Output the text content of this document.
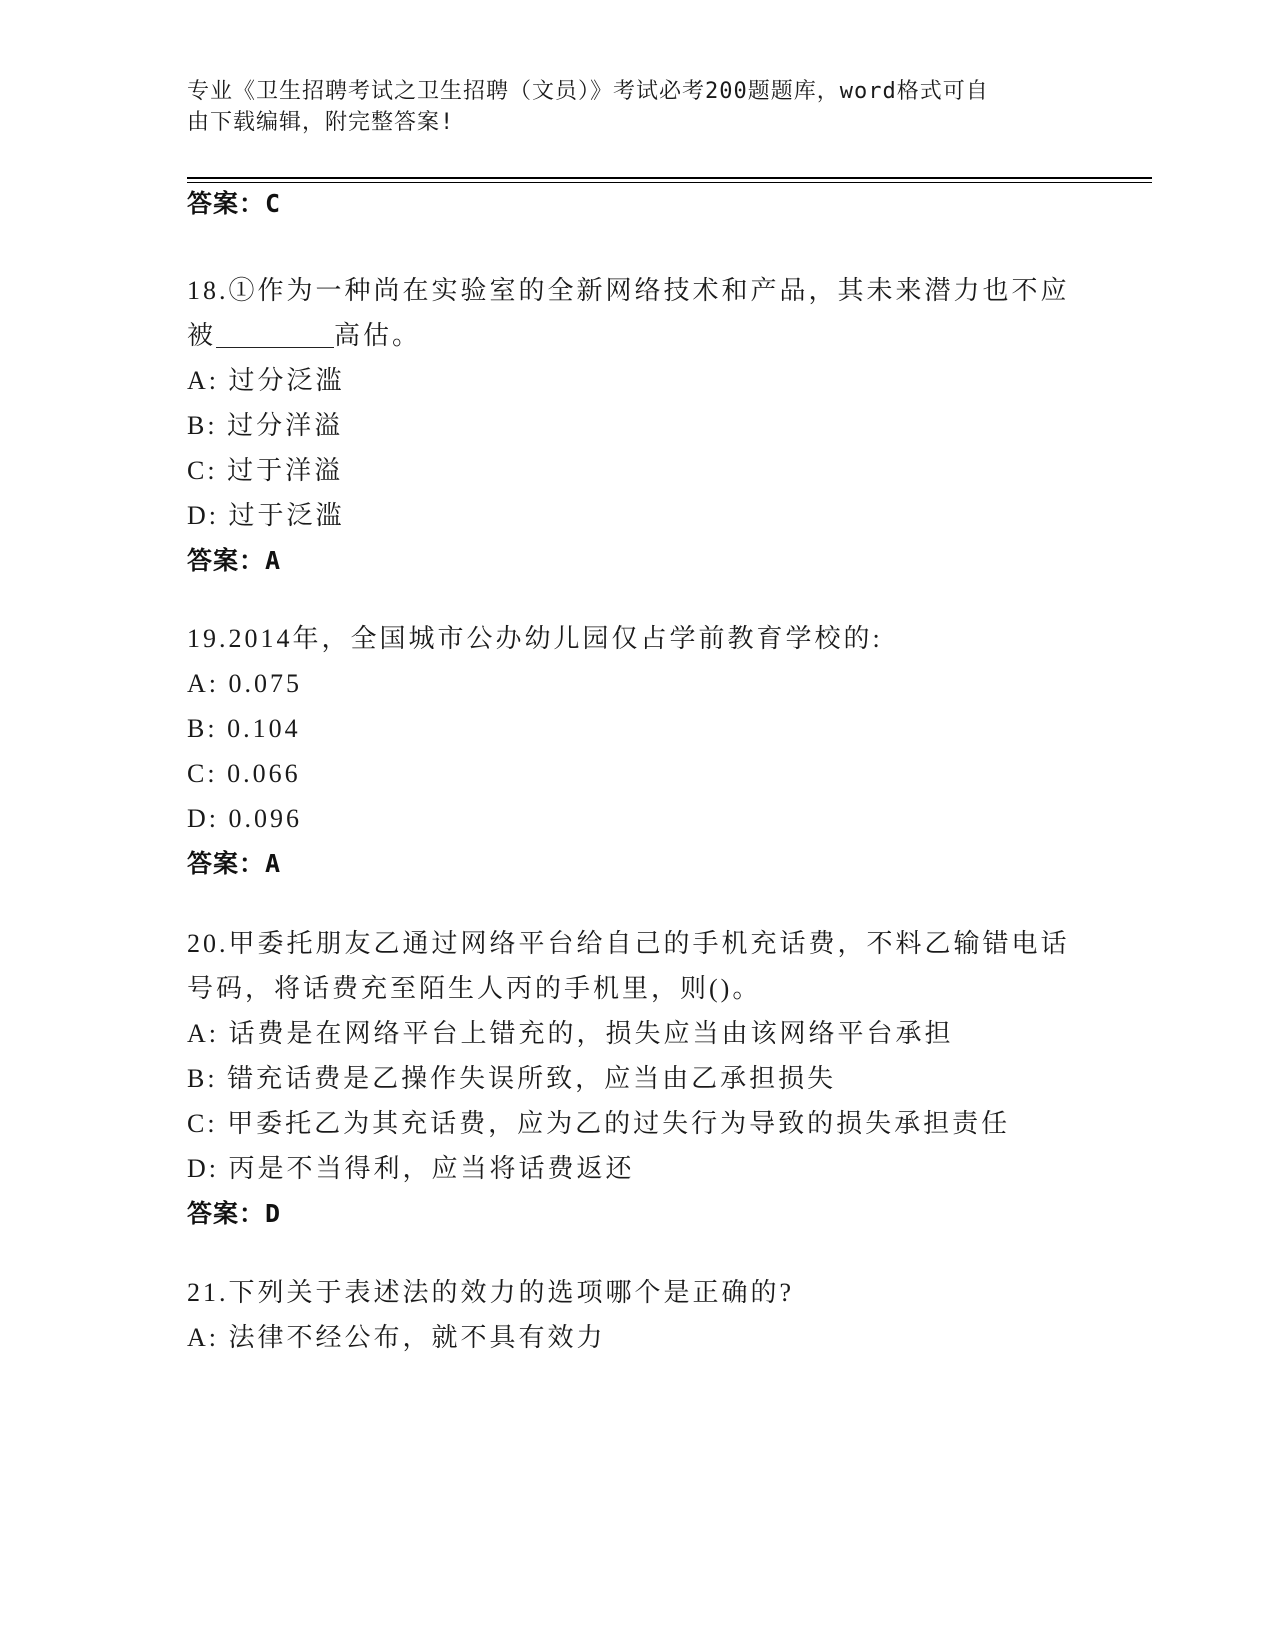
专业《卫生招聘考试之卫生招聘（文员）》考试必考200题题库，word格式可自
由下载编辑，附完整答案!
答案：C
18.①作为一种尚在实验室的全新网络技术和产品，其未来潜力也不应
被	高估。
A: 过分泛滥
B: 过分洋溢
C: 过于洋溢
D: 过于泛滥
答案：A
19.2014年，全国城市公办幼儿园仅占学前教育学校的:
A: 0.075
B: 0.104
C: 0.066
D: 0.096
答案：A
20.甲委托朋友乙通过网络平台给自己的手机充话费，不料乙输错电话
号码，将话费充至陌生人丙的手机里，则()。
A: 话费是在网络平台上错充的，损失应当由该网络平台承担
B: 错充话费是乙操作失误所致，应当由乙承担损失
C: 甲委托乙为其充话费，应为乙的过失行为导致的损失承担责任
D: 丙是不当得利，应当将话费返还
答案：D
21.下列关于表述法的效力的选项哪个是正确的?
A: 法律不经公布，就不具有效力
